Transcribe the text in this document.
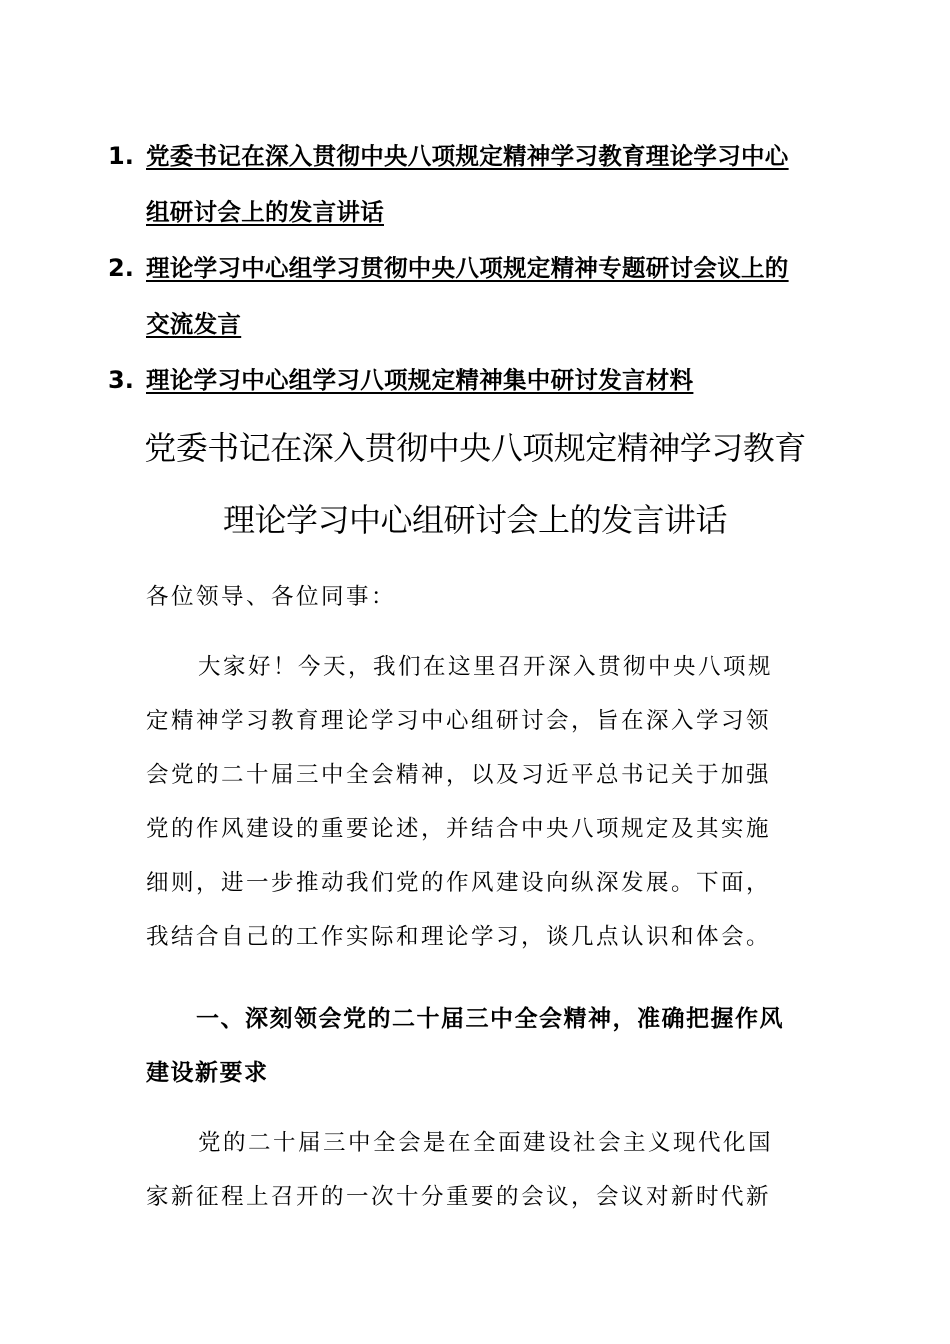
1. 党委书记在深入贯彻中央八项规定精神学习教育理论学习中心组研讨会上的发言讲话
2. 理论学习中心组学习贯彻中央八项规定精神专题研讨会议上的交流发言
3. 理论学习中心组学习八项规定精神集中研讨发言材料
党委书记在深入贯彻中央八项规定精神学习教育理论学习中心组研讨会上的发言讲话
各位领导、各位同事：
大家好！今天，我们在这里召开深入贯彻中央八项规定精神学习教育理论学习中心组研讨会，旨在深入学习领会党的二十届三中全会精神，以及习近平总书记关于加强党的作风建设的重要论述，并结合中央八项规定及其实施细则，进一步推动我们党的作风建设向纵深发展。下面，我结合自己的工作实际和理论学习，谈几点认识和体会。
一、深刻领会党的二十届三中全会精神，准确把握作风建设新要求
党的二十届三中全会是在全面建设社会主义现代化国家新征程上召开的一次十分重要的会议，会议对新时代新
